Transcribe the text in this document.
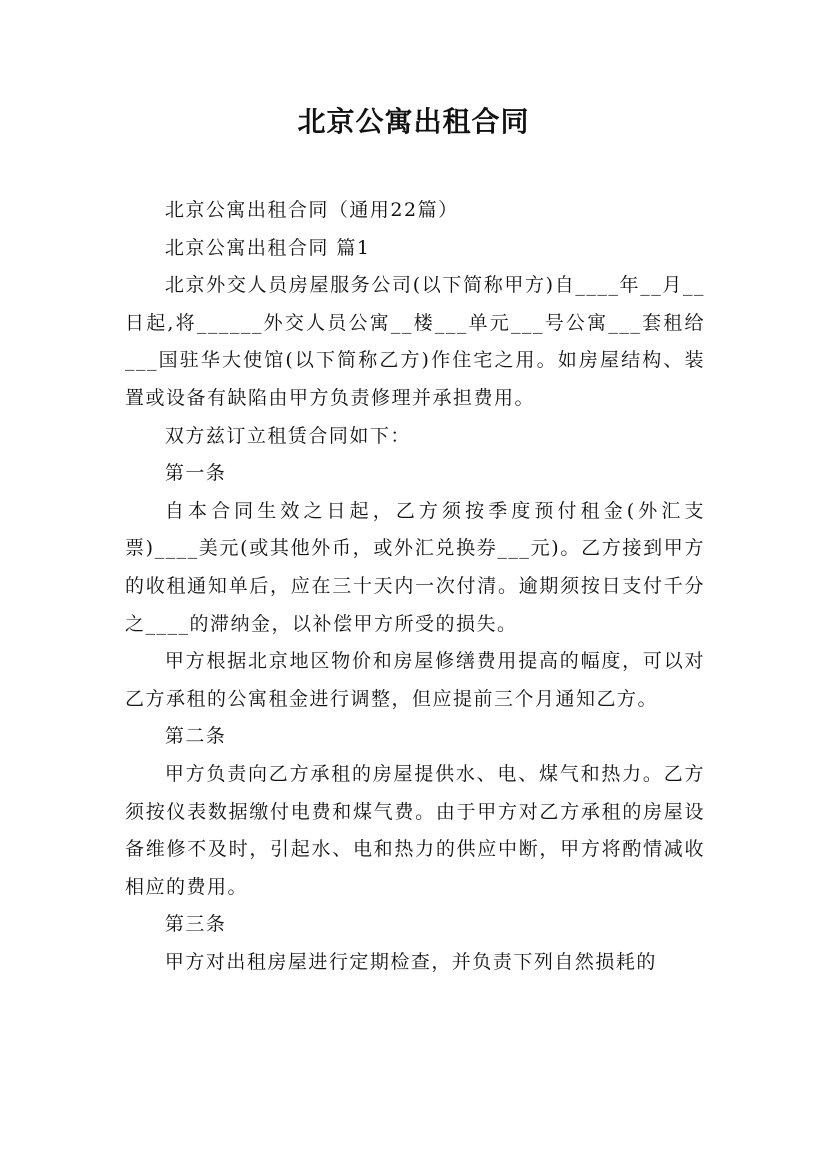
北京公寓出租合同

北京公寓出租合同（通用22篇）

北京公寓出租合同 篇1

北京外交人员房屋服务公司(以下简称甲方)自____年__月__日起,将______外交人员公寓__楼___单元___号公寓___套租给___国驻华大使馆(以下简称乙方)作住宅之用。如房屋结构、装置或设备有缺陷由甲方负责修理并承担费用。

双方兹订立租赁合同如下：

第一条

自本合同生效之日起，乙方须按季度预付租金(外汇支票)____美元(或其他外币，或外汇兑换券___元)。乙方接到甲方的收租通知单后，应在三十天内一次付清。逾期须按日支付千分之____的滞纳金，以补偿甲方所受的损失。

甲方根据北京地区物价和房屋修缮费用提高的幅度，可以对乙方承租的公寓租金进行调整，但应提前三个月通知乙方。

第二条

甲方负责向乙方承租的房屋提供水、电、煤气和热力。乙方须按仪表数据缴付电费和煤气费。由于甲方对乙方承租的房屋设备维修不及时，引起水、电和热力的供应中断，甲方将酌情减收相应的费用。

第三条

甲方对出租房屋进行定期检查，并负责下列自然损耗的
